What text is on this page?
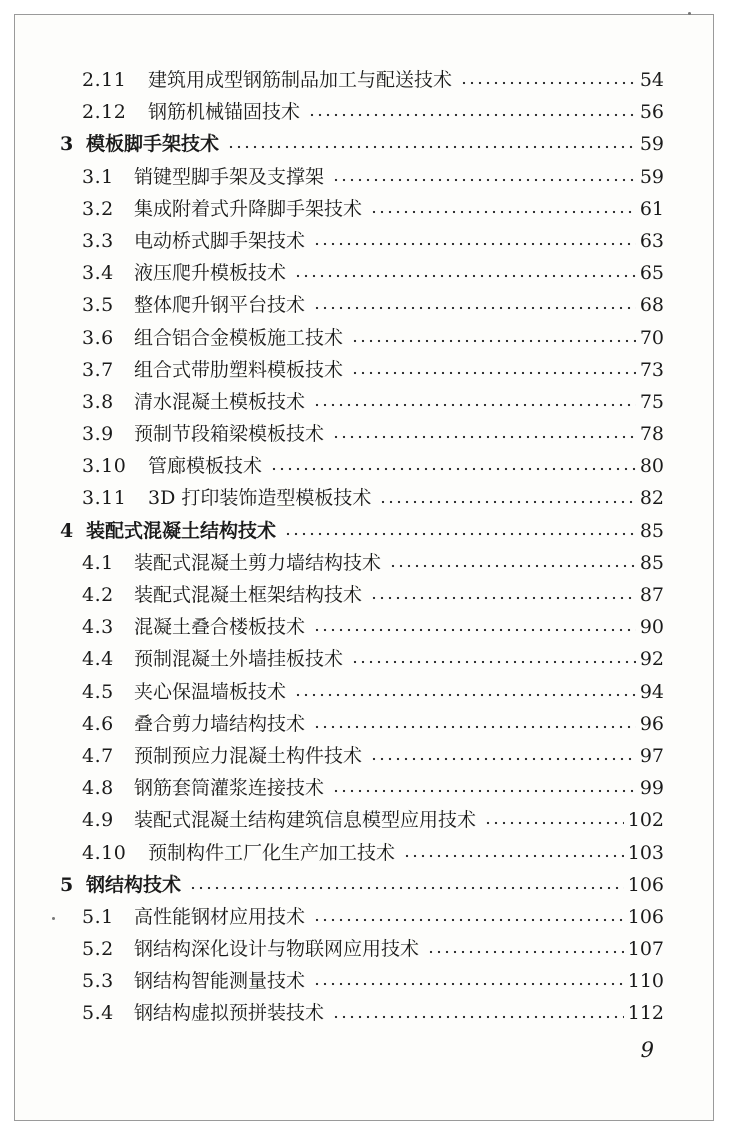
2.11	建筑用成型钢筋制品加工与配送技术	54
2.12	钢筋机械锚固技术	56
3 模板脚手架技术	59
3.1	销键型脚手架及支撑架	59
3.2	集成附着式升降脚手架技术	61
3.3	电动桥式脚手架技术	63
3.4	液压爬升模板技术	65
3.5	整体爬升钢平台技术	68
3.6	组合铝合金模板施工技术	70
3.7	组合式带肋塑料模板技术	73
3.8	清水混凝土模板技术	75
3.9	预制节段箱梁模板技术	78
3.10	管廊模板技术	80
3.11	3D 打印装饰造型模板技术	82
4 装配式混凝土结构技术	85
4.1	装配式混凝土剪力墙结构技术	85
4.2	装配式混凝土框架结构技术	87
4.3	混凝土叠合楼板技术	90
4.4	预制混凝土外墙挂板技术	92
4.5	夹心保温墙板技术	94
4.6	叠合剪力墙结构技术	96
4.7	预制预应力混凝土构件技术	97
4.8	钢筋套筒灌浆连接技术	99
4.9	装配式混凝土结构建筑信息模型应用技术	102
4.10	预制构件工厂化生产加工技术	103
5 钢结构技术	106
5.1	高性能钢材应用技术	106
5.2	钢结构深化设计与物联网应用技术	107
5.3	钢结构智能测量技术	110
5.4	钢结构虚拟预拼装技术	112
9
